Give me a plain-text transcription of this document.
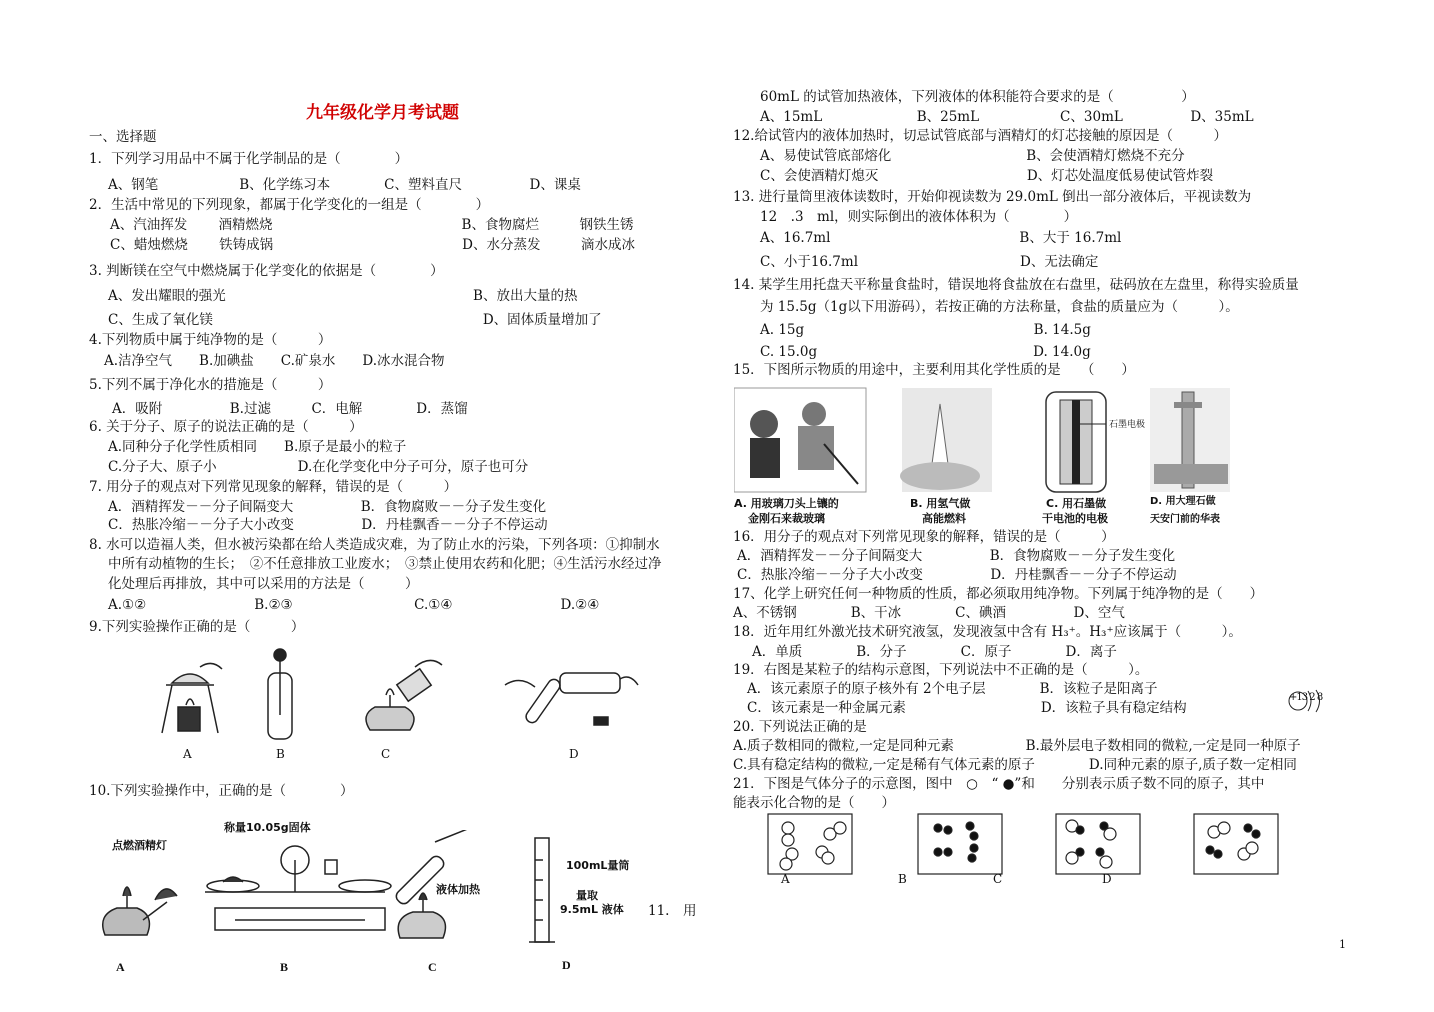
九年级化学月考试题
一、选择题
1．下列学习用品中不属于化学制品的是（　　　　）
A、钢笔　　　　　　B、化学练习本　　　　C、塑料直尺　　　　　D、课桌
2．生活中常见的下列现象，都属于化学变化的一组是（　　　　）
A、汽油挥发　　 酒精燃烧　　　　　　　　　　　　　　B、食物腐烂　　　钢铁生锈
C、蜡烛燃烧　　 铁铸成锅　　　　　　　　　　　　　　D、水分蒸发　　　滴水成冰
3. 判断镁在空气中燃烧属于化学变化的依据是（　　　　）
A、发出耀眼的强光　　　　　　　　　　　　　　　　　　 B、放出大量的热
C、生成了氧化镁　　　　　　　　　　　　　　　　　　　　D、固体质量增加了
4.下列物质中属于纯净物的是（　　　）
A.洁净空气　　B.加碘盐　　C.矿泉水　　D.冰水混合物
5.下列不属于净化水的措施是（　　　）
A．吸附　　　　　B.过滤　　　C．电解　　　　D．蒸馏
6. 关于分子、原子的说法正确的是（　　　）
A.同种分子化学性质相同　　B.原子是最小的粒子
C.分子大、原子小　　　　　　D.在化学变化中分子可分，原子也可分
7. 用分子的观点对下列常见现象的解释，错误的是（　　　）
A．酒精挥发－－分子间隔变大　　　　　B．食物腐败－－分子发生变化
C．热胀冷缩－－分子大小改变　　　　　D．丹桂飘香－－分子不停运动
8. 水可以造福人类，但水被污染都在给人类造成灾难，为了防止水的污染，下列各项：①抑制水
中所有动植物的生长；　②不任意排放工业废水；　③禁止使用农药和化肥；④生活污水经过净
化处理后再排放，其中可以采用的方法是（　　　）
A.①②　　　　　　　　B.②③　　　　　　　　　C.①④　　　　　　　　D.②④
9.下列实验操作正确的是（　　　）
A	B	C	D
10.下列实验操作中，正确的是（　　　　）
点燃酒精灯
称量10.05g固体
液体加热
100mL量筒
量取
9.5mL 液体
A	B	C	D
11.　用
60mL 的试管加热液体，下列液体的体积能符合要求的是（　　　　　）
A、15mL　　　　　　　B、25mL　　　　　　C、30mL　　　　　D、35mL
12.给试管内的液体加热时，切忌试管底部与酒精灯的灯芯接触的原因是（　　　）
A、易使试管底部熔化　　　　　　　　　　B、会使酒精灯燃烧不充分
C、会使酒精灯熄灭　　　　　　　　　　　D、灯芯处温度低易使试管炸裂
13. 进行量筒里液体读数时，开始仰视读数为 29.0mL 倒出一部分液体后，平视读数为
12　.3　ml，则实际倒出的液体体积为（　　　　）
A、16.7ml　　　　　　　　　　　　　　B、大于 16.7ml
C、小于16.7ml　　　　　　　　　　　　D、无法确定
14. 某学生用托盘天平称量食盐时，错误地将食盐放在右盘里，砝码放在左盘里，称得实验质量
为 15.5g（1g以下用游码），若按正确的方法称量，食盐的质量应为（　　　）。
A. 15g　　　　　　　　　　　　　　　　　B. 14.5g
C. 15.0g　　　　　　　　　　　　　　　　D. 14.0g
15．下图所示物质的用途中，主要利用其化学性质的是　　（　　）
石墨电极
A. 用玻璃刀头上镶的
金刚石来裁玻璃
B. 用氢气做
高能燃料
C. 用石墨做
干电池的电极
D. 用大理石做
天安门前的华表
16．用分子的观点对下列常见现象的解释，错误的是（　　　）
A．酒精挥发－－分子间隔变大　　　　　B．食物腐败－－分子发生变化
C．热胀冷缩－－分子大小改变　　　　　D．丹桂飘香－－分子不停运动
17、化学上研究任何一种物质的性质，都必须取用纯净物。下列属于纯净物的是（　　）
A、不锈钢　　　　B、干冰　　　　C、碘酒　　　　　D、空气
18．近年用红外激光技术研究液氢，发现液氢中含有 H₃⁺。H₃⁺应该属于（　　　）。
A．单质　　　　B．分子　　　　C．原子　　　　D．离子
19．右图是某粒子的结构示意图，下列说法中不正确的是（　　　）。
A．该元素原子的原子核外有 2个电子层　　　　B．该粒子是阳离子
C．该元素是一种金属元素　　　　　　　　　　D．该粒子具有稳定结构
+13 2 8
20. 下列说法正确的是
A.质子数相同的微粒,一定是同种元素　　　　　 B.最外层电子数相同的微粒,一定是同一种原子
C.具有稳定结构的微粒,一定是稀有气体元素的原子　　　　D.同种元素的原子,质子数一定相同
21．下图是气体分子的示意图，图中　○　“ ●”和　　分别表示质子数不同的原子，其中
能表示化合物的是（　　）
A	B	C	D
1
